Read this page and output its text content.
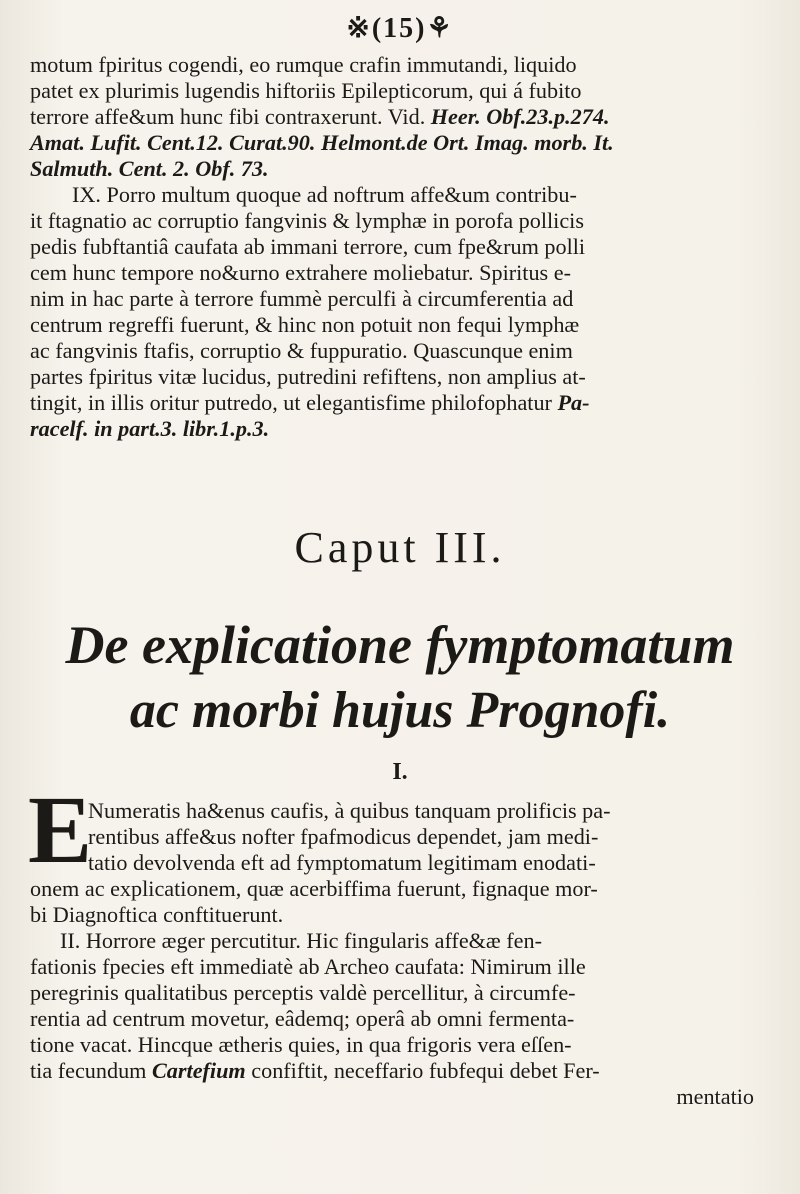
※(15)⚘
motum fpiritus cogendi, eo rumque crafin immutandi, liquido
patet ex plurimis lugendis hiftoriis Epilepticorum, qui á fubito
terrore affe&um hunc fibi contraxerunt. Vid. Heer. Obf.23.p.274.
Amat. Lufit. Cent.12. Curat.90. Helmont.de Ort. Imag. morb. It.
Salmuth. Cent. 2. Obf. 73.
IX. Porro multum quoque ad noftrum affe&um contribu-
it ftagnatio ac corruptio fangvinis & lymphæ in porofa pollicis
pedis fubftantiâ caufata ab immani terrore, cum fpe&rum polli
cem hunc tempore no&urno extrahere moliebatur. Spiritus e-
nim in hac parte à terrore fummè perculfi à circumferentia ad
centrum regreffi fuerunt, & hinc non potuit non fequi lymphæ
ac fangvinis ftafis, corruptio & fuppuratio. Quascunque enim
partes fpiritus vitæ lucidus, putredini refiftens, non amplius at-
tingit, in illis oritur putredo, ut elegantisfime philofophatur Pa-
racelf. in part.3. libr.1.p.3.
Caput III.
De explicatione fymptomatum
ac morbi hujus Prognofi.
I.
E
Numeratis ha&enus caufis, à quibus tanquam prolificis pa-
rentibus affe&us nofter fpafmodicus dependet, jam medi-
tatio devolvenda eft ad fymptomatum legitimam enodati-
onem ac explicationem, quæ acerbiffima fuerunt, fignaque mor-
bi Diagnoftica conftituerunt.
II. Horrore æger percutitur. Hic fingularis affe&æ fen-
fationis fpecies eft immediatè ab Archeo caufata: Nimirum ille
peregrinis qualitatibus perceptis valdè percellitur, à circumfe-
rentia ad centrum movetur, eâdemq; operâ ab omni fermenta-
tione vacat. Hincque ætheris quies, in qua frigoris vera eſſen-
tia fecundum Cartefium confiftit, neceffario fubfequi debet Fer-
mentatio
